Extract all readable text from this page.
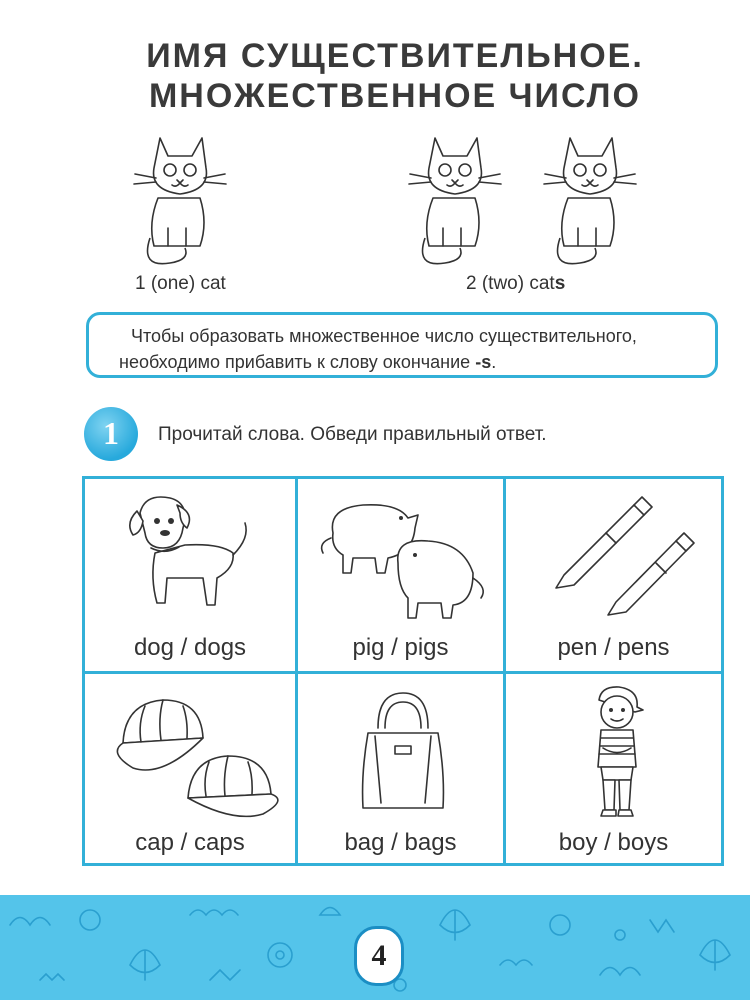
ИМЯ СУЩЕСТВИТЕЛЬНОЕ.
МНОЖЕСТВЕННОЕ ЧИСЛО
1 (one) cat	2 (two) cats
Чтобы образовать множественное число существительного,
необходимо прибавить к слову окончание -s.
1	Прочитай слова. Обведи правильный ответ.
dog / dogs	pig / pigs	pen / pens
cap / caps	bag / bags	boy / boys
4
